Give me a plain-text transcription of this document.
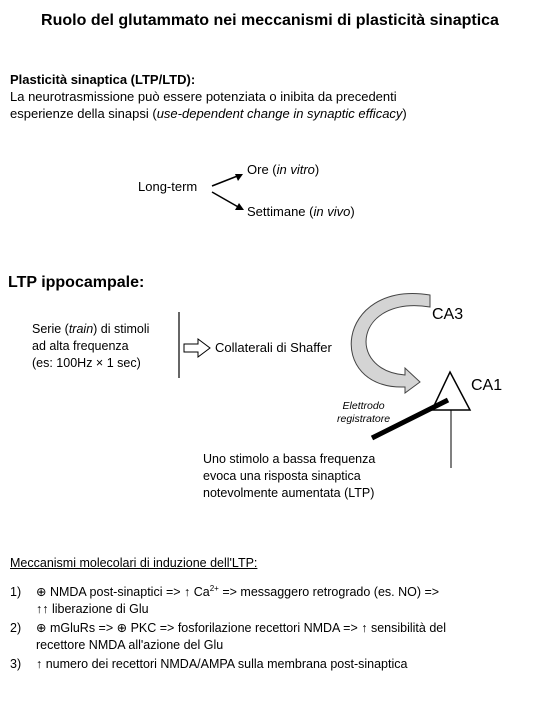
Ruolo del glutammato nei meccanismi di plasticità sinaptica
Plasticità sinaptica (LTP/LTD):
La neurotrasmissione può essere potenziata o inibita da precedenti
esperienze della sinapsi (use-dependent change in synaptic efficacy)
Long-term
Ore (in vitro)
Settimane (in vivo)
LTP ippocampale:
Serie (train) di stimoli
ad alta frequenza
(es: 100Hz × 1 sec)
Collaterali di Shaffer
CA3
CA1
Elettrodo
registratore
Uno stimolo a bassa frequenza
evoca una risposta sinaptica
notevolmente aumentata (LTP)
Meccanismi molecolari di induzione dell'LTP:
1) ⊕ NMDA post-sinaptici => ↑ $Ca^{2+}$ => messaggero retrogrado (es. NO) =>
↑↑ liberazione di Glu
2) ⊕ mGluRs => ⊕ PKC => fosforilazione recettori NMDA => ↑ sensibilità del
recettore NMDA all'azione del Glu
3) ↑ numero dei recettori NMDA/AMPA sulla membrana post-sinaptica
